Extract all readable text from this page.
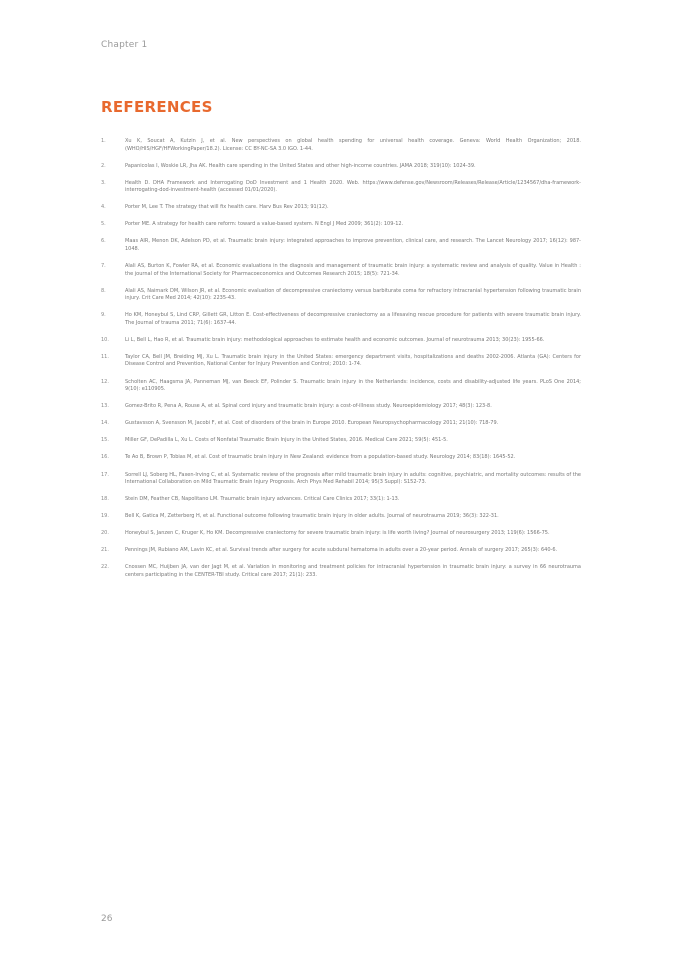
Chapter 1
REFERENCES
1.	Xu K, Soucat A, Kutzin J, et al. New perspectives on global health spending for universal health coverage. Geneva: World Health Organization; 2018. (WHO/HIS/HGF/HFWorkingPaper/18.2). License: CC BY-NC-SA 3.0 IGO. 1-44.
2.	Papanicolas I, Woskie LR, Jha AK. Health care spending in the United States and other high-income countries. JAMA 2018; 319(10): 1024-39.
3.	Health D. DHA Framework and Interrogating DoD Investment and 1 Health 2020. Web. https://www.defense.gov/Newsroom/Releases/Release/Article/1234567/dha-framework-interrogating-dod-investment-health (accessed 01/01/2020).
4.	Porter M, Lee T. The strategy that will fix health care. Harv Bus Rev 2013; 91(12).
5.	Porter ME. A strategy for health care reform: toward a value-based system. N Engl J Med 2009; 361(2): 109-12.
6.	Maas AIR, Menon DK, Adelson PD, et al. Traumatic brain injury: integrated approaches to improve prevention, clinical care, and research. The Lancet Neurology 2017; 16(12): 987-1048.
7.	Alali AS, Burton K, Fowler RA, et al. Economic evaluations in the diagnosis and management of traumatic brain injury: a systematic review and analysis of quality. Value in Health : the journal of the International Society for Pharmacoeconomics and Outcomes Research 2015; 18(5): 721-34.
8.	Alali AS, Naimark DM, Wilson JR, et al. Economic evaluation of decompressive craniectomy versus barbiturate coma for refractory intracranial hypertension following traumatic brain injury. Crit Care Med 2014; 42(10): 2235-43.
9.	Ho KM, Honeybul S, Lind CRP, Gillett GR, Litton E. Cost-effectiveness of decompressive craniectomy as a lifesaving rescue procedure for patients with severe traumatic brain injury. The Journal of trauma 2011; 71(6): 1637-44.
10.	Li L, Bell L, Hao R, et al. Traumatic brain injury: methodological approaches to estimate health and economic outcomes. Journal of neurotrauma 2013; 30(23): 1955-66.
11.	Taylor CA, Bell JM, Breiding MJ, Xu L. Traumatic brain injury in the United States: emergency department visits, hospitalizations and deaths 2002-2006. Atlanta (GA): Centers for Disease Control and Prevention, National Center for Injury Prevention and Control; 2010: 1-74.
12.	Scholten AC, Haagsma JA, Panneman MJ, van Beeck EF, Polinder S. Traumatic brain injury in the Netherlands: incidence, costs and disability-adjusted life years. PLoS One 2014; 9(10): e110905.
13.	Gomez-Brito R, Pena A, Rouse A, et al. Spinal cord injury and traumatic brain injury: a cost-of-illness study. Neuroepidemiology 2017; 48(3): 123-8.
14.	Gustavsson A, Svensson M, Jacobi F, et al. Cost of disorders of the brain in Europe 2010. European Neuropsychopharmacology 2011; 21(10): 718-79.
15.	Miller GF, DePadilla L, Xu L. Costs of Nonfatal Traumatic Brain Injury in the United States, 2016. Medical Care 2021; 59(5): 451-5.
16.	Te Ao B, Brown P, Tobias M, et al. Cost of traumatic brain injury in New Zealand: evidence from a population-based study. Neurology 2014; 83(18): 1645-52.
17.	Sorrell LJ, Soberg HL, Faxen-Irving C, et al. Systematic review of the prognosis after mild traumatic brain injury in adults: cognitive, psychiatric, and mortality outcomes: results of the International Collaboration on Mild Traumatic Brain Injury Prognosis. Arch Phys Med Rehabil 2014; 95(3 Suppl): S152-73.
18.	Stein DM, Feather CB, Napolitano LM. Traumatic brain injury advances. Critical Care Clinics 2017; 33(1): 1-13.
19.	Bell K, Gatica M, Zetterberg H, et al. Functional outcome following traumatic brain injury in older adults. Journal of neurotrauma 2019; 36(3): 322-31.
20.	Honeybul S, Janzen C, Kruger K, Ho KM. Decompressive craniectomy for severe traumatic brain injury: is life worth living? Journal of neurosurgery 2013; 119(6): 1566-75.
21.	Pennings JM, Rubiano AM, Lavin KC, et al. Survival trends after surgery for acute subdural hematoma in adults over a 20-year period. Annals of surgery 2017; 265(3): 640-6.
22.	Cnossen MC, Huijben JA, van der Jagt M, et al. Variation in monitoring and treatment policies for intracranial hypertension in traumatic brain injury: a survey in 66 neurotrauma centers participating in the CENTER-TBI study. Critical care 2017; 21(1): 233.
26
